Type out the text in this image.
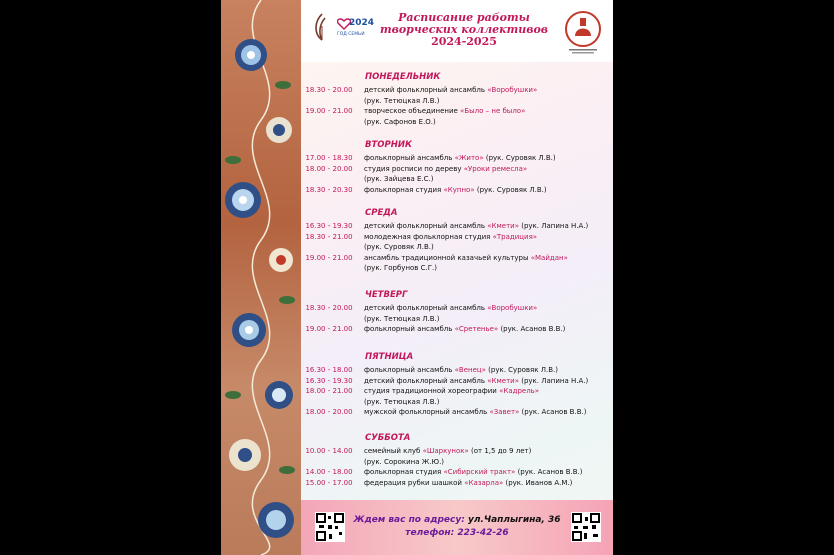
2024
ГОД СЕМЬИ
Расписание работы
творческих коллективов
2024-2025
ПОНЕДЕЛЬНИК
18.30 - 20.00	детский фольклорный ансамбль «Воробушки»
(рук. Тетюцкая Л.В.)
19.00 - 21.00	творческое объединение «Было – не было»
(рук. Сафонов Е.О.)
ВТОРНИК
17.00 - 18.30	фольклорный ансамбль «Жито» (рук. Суровяк Л.В.)
18.00 - 20.00	студия росписи по дереву «Уроки ремесла»
(рук. Зайцева Е.С.)
18.30 - 20.30	фольклорная студия «Купно» (рук. Суровяк Л.В.)
СРЕДА
16.30 - 19.30	детский фольклорный ансамбль «Кмети» (рук. Лапина Н.А.)
18.30 - 21.00	молодежная фольклорная студия «Традиция»
(рук. Суровяк Л.В.)
19.00 - 21.00	ансамбль традиционной казачьей культуры «Майдан»
(рук. Горбунов С.Г.)
ЧЕТВЕРГ
18.30 - 20.00	детский фольклорный ансамбль «Воробушки»
(рук. Тетюцкая Л.В.)
19.00 - 21.00	фольклорный ансамбль «Сретенье» (рук. Асанов В.В.)
ПЯТНИЦА
16.30 - 18.00	фольклорный ансамбль «Венец» (рук. Суровяк Л.В.)
16.30 - 19.30	детский фольклорный ансамбль «Кмети» (рук. Лапина Н.А.)
18.00 - 21.00	студия традиционной хореографии «Кадрель»
(рук. Тетюцкая Л.В.)
18.00 - 20.00	мужской фольклорный ансамбль «Завет» (рук. Асанов В.В.)
СУББОТА
10.00 - 14.00	семейный клуб «Шаркунок» (от 1,5 до 9 лет)
(рук. Сорокина Ж.Ю.)
14.00 - 18.00	фольклорная студия «Сибирский тракт» (рук. Асанов В.В.)
15.00 - 17.00	федерация рубки шашкой «Казарла» (рук. Иванов А.М.)
Ждем вас по адресу: ул.Чаплыгина, 36
телефон: 223-42-26
